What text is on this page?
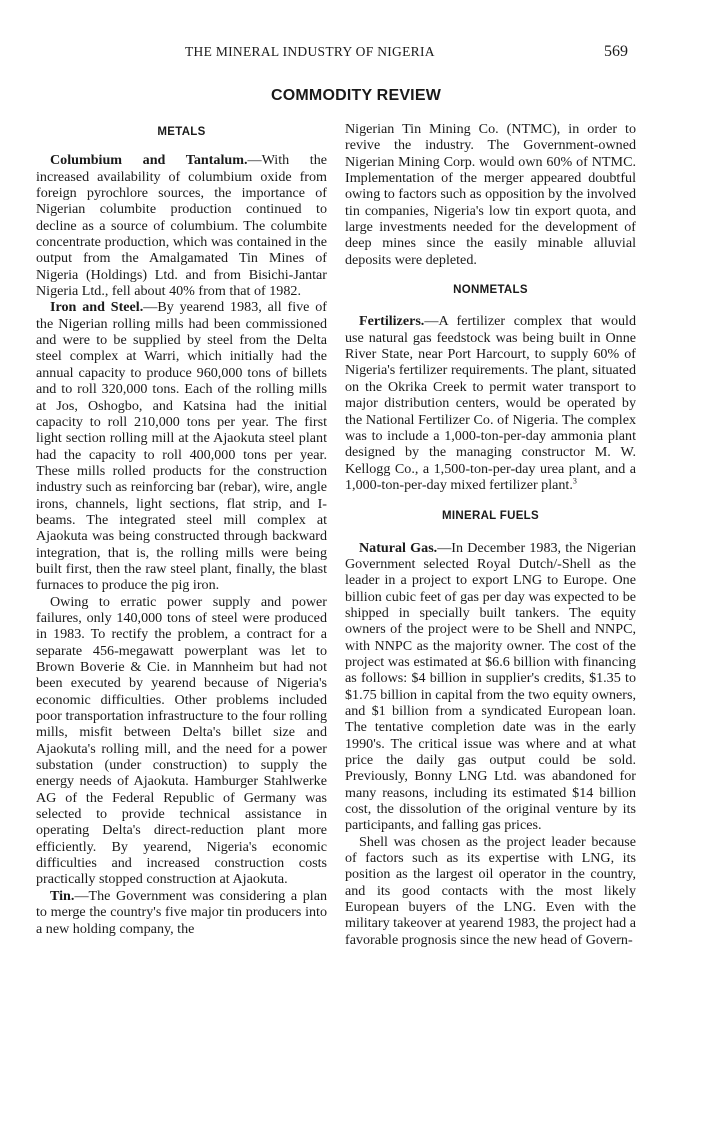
THE MINERAL INDUSTRY OF NIGERIA	569
COMMODITY REVIEW
METALS

Columbium and Tantalum.—With the increased availability of columbium oxide from foreign pyrochlore sources, the importance of Nigerian columbite production continued to decline as a source of columbium. The columbite concentrate production, which was contained in the output from the Amalgamated Tin Mines of Nigeria (Holdings) Ltd. and from Bisichi-Jantar Nigeria Ltd., fell about 40% from that of 1982.

Iron and Steel.—By yearend 1983, all five of the Nigerian rolling mills had been commissioned and were to be supplied by steel from the Delta steel complex at Warri, which initially had the annual capacity to produce 960,000 tons of billets and to roll 320,000 tons. Each of the rolling mills at Jos, Oshogbo, and Katsina had the initial capacity to roll 210,000 tons per year. The first light section rolling mill at the Ajaokuta steel plant had the capacity to roll 400,000 tons per year. These mills rolled products for the construction industry such as reinforcing bar (rebar), wire, angle irons, channels, light sections, flat strip, and I-beams. The integrated steel mill complex at Ajaokuta was being constructed through backward integration, that is, the rolling mills were being built first, then the raw steel plant, finally, the blast furnaces to produce the pig iron.

Owing to erratic power supply and power failures, only 140,000 tons of steel were produced in 1983. To rectify the problem, a contract for a separate 456-megawatt powerplant was let to Brown Boverie & Cie. in Mannheim but had not been executed by yearend because of Nigeria's economic difficulties. Other problems included poor transportation infrastructure to the four rolling mills, misfit between Delta's billet size and Ajaokuta's rolling mill, and the need for a power substation (under construction) to supply the energy needs of Ajaokuta. Hamburger Stahlwerke AG of the Federal Republic of Germany was selected to provide technical assistance in operating Delta's direct-reduction plant more efficiently. By yearend, Nigeria's economic difficulties and increased construction costs practically stopped construction at Ajaokuta.

Tin.—The Government was considering a plan to merge the country's five major tin producers into a new holding company, the

Nigerian Tin Mining Co. (NTMC), in order to revive the industry. The Government-owned Nigerian Mining Corp. would own 60% of NTMC. Implementation of the merger appeared doubtful owing to factors such as opposition by the involved tin companies, Nigeria's low tin export quota, and large investments needed for the development of deep mines since the easily minable alluvial deposits were depleted.

NONMETALS

Fertilizers.—A fertilizer complex that would use natural gas feedstock was being built in Onne River State, near Port Harcourt, to supply 60% of Nigeria's fertilizer requirements. The plant, situated on the Okrika Creek to permit water transport to major distribution centers, would be operated by the National Fertilizer Co. of Nigeria. The complex was to include a 1,000-ton-per-day ammonia plant designed by the managing constructor M. W. Kellogg Co., a 1,500-ton-per-day urea plant, and a 1,000-ton-per-day mixed fertilizer plant.$^3$

MINERAL FUELS

Natural Gas.—In December 1983, the Nigerian Government selected Royal Dutch/-Shell as the leader in a project to export LNG to Europe. One billion cubic feet of gas per day was expected to be shipped in specially built tankers. The equity owners of the project were to be Shell and NNPC, with NNPC as the majority owner. The cost of the project was estimated at $6.6 billion with financing as follows: $4 billion in supplier's credits, $1.35 to $1.75 billion in capital from the two equity owners, and $1 billion from a syndicated European loan. The tentative completion date was in the early 1990's. The critical issue was where and at what price the daily gas output could be sold. Previously, Bonny LNG Ltd. was abandoned for many reasons, including its estimated $14 billion cost, the dissolution of the original venture by its participants, and falling gas prices.

Shell was chosen as the project leader because of factors such as its expertise with LNG, its position as the largest oil operator in the country, and its good contacts with the most likely European buyers of the LNG. Even with the military takeover at yearend 1983, the project had a favorable prognosis since the new head of Govern-
